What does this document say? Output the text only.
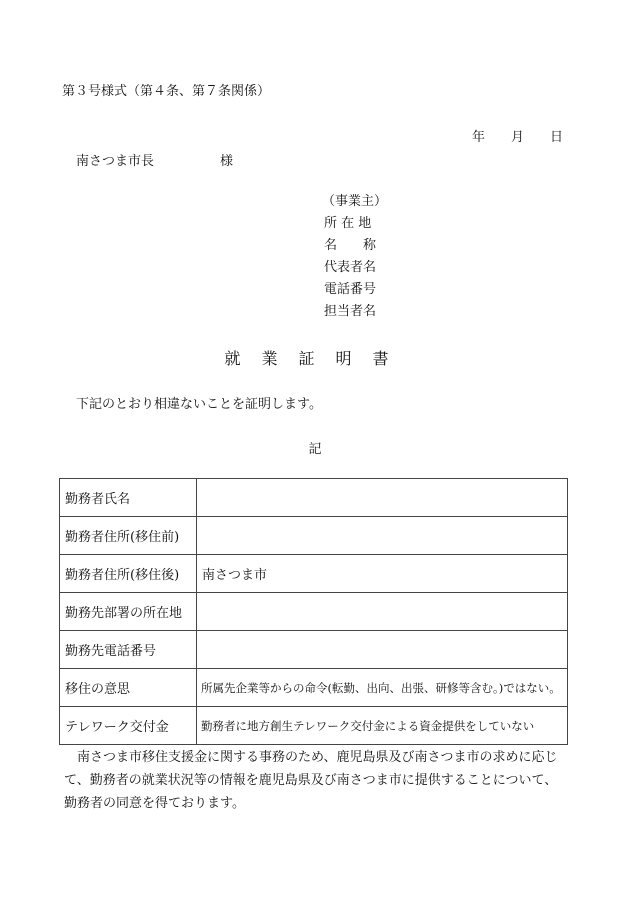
第３号様式（第４条、第７条関係）
年 月 日
南さつま市長	様
（事業主）
所 在 地
名　　称
代表者名
電話番号
担当者名
就業証明書
下記のとおり相違ないことを証明します。
記
勤務者氏名	
勤務者住所(移住前)	
勤務者住所(移住後)	南さつま市
勤務先部署の所在地	
勤務先電話番号	
移住の意思	所属先企業等からの命令(転勤、出向、出張、研修等含む。)ではない。
テレワーク交付金	勤務者に地方創生テレワーク交付金による資金提供をしていない
南さつま市移住支援金に関する事務のため、鹿児島県及び南さつま市の求めに応じて、勤務者の就業状況等の情報を鹿児島県及び南さつま市に提供することについて、勤務者の同意を得ております。
